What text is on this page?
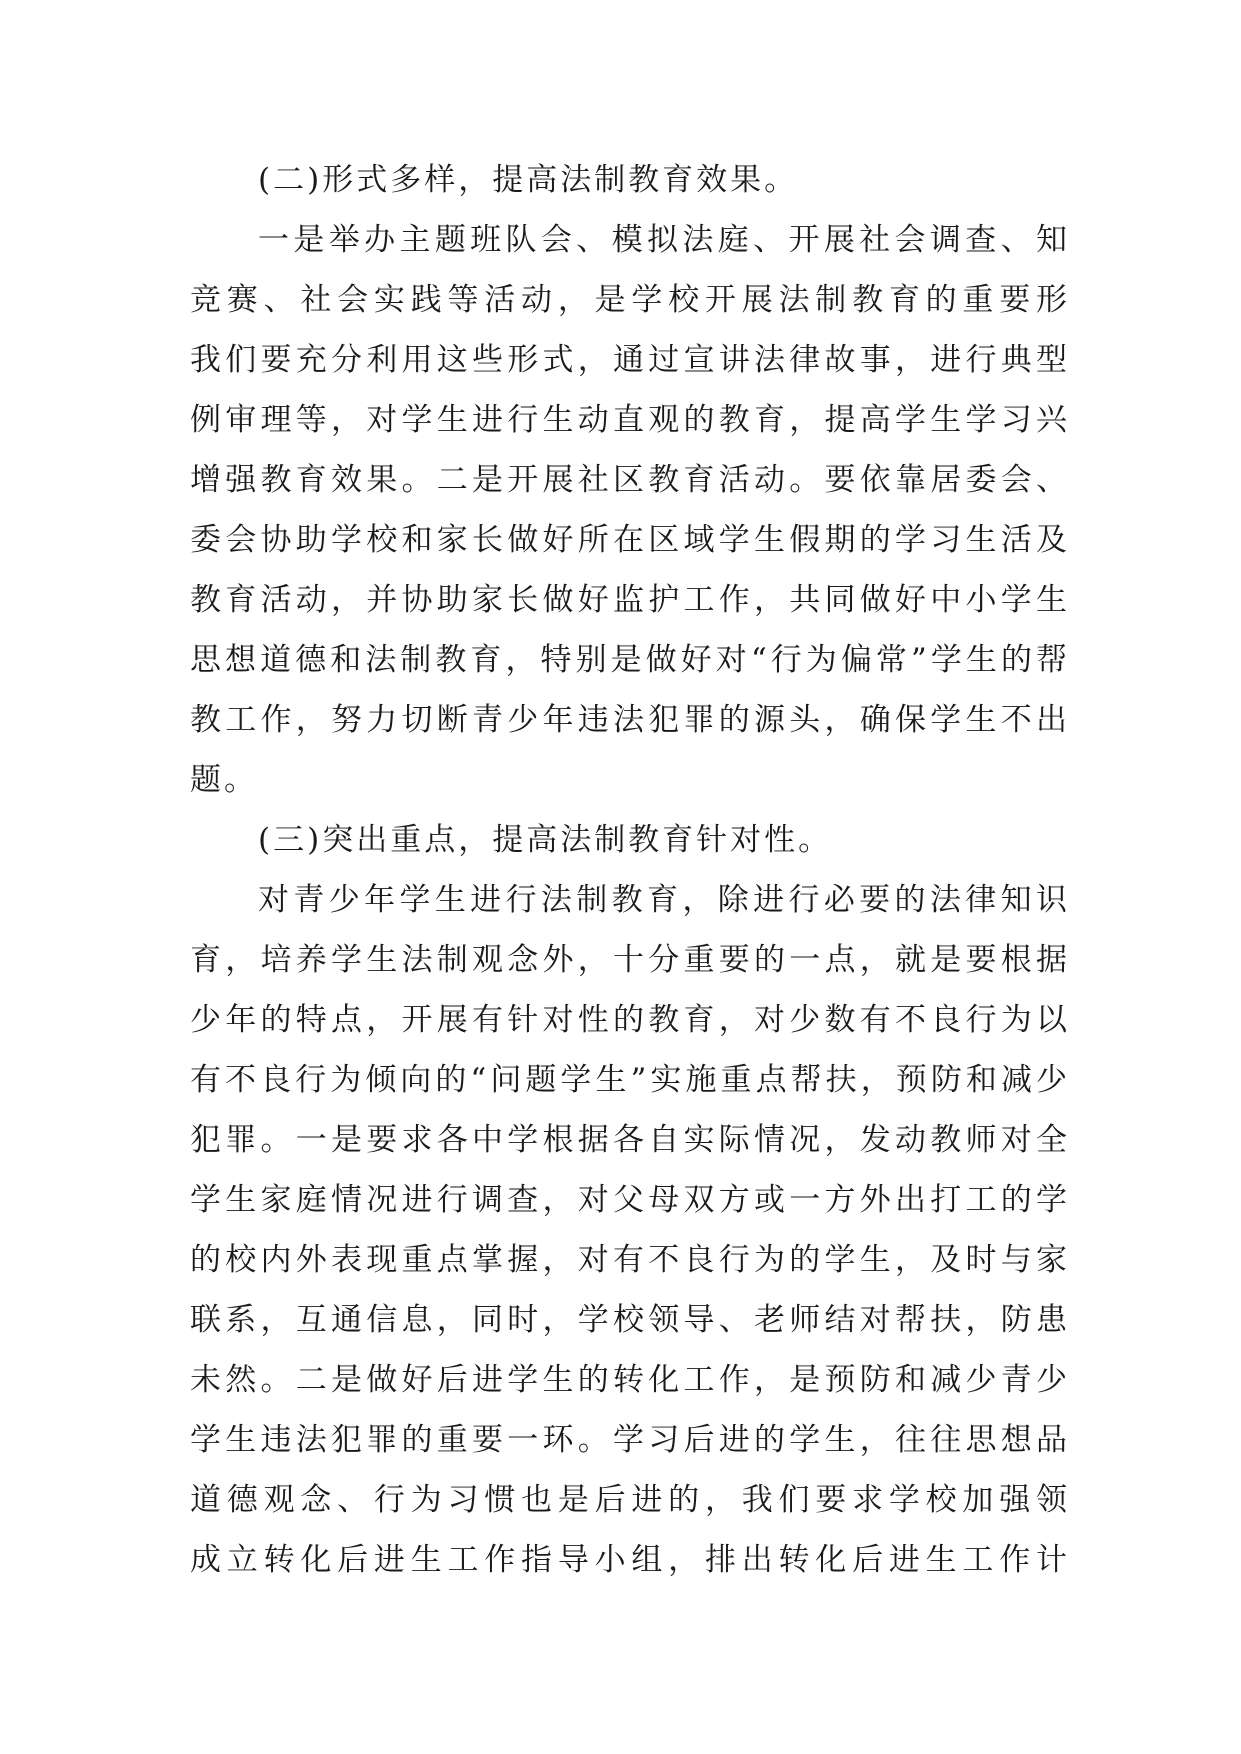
(二)形式多样，提高法制教育效果。
一是举办主题班队会、模拟法庭、开展社会调查、知
竞赛、社会实践等活动，是学校开展法制教育的重要形
我们要充分利用这些形式，通过宣讲法律故事，进行典型
例审理等，对学生进行生动直观的教育，提高学生学习兴
增强教育效果。二是开展社区教育活动。要依靠居委会、
委会协助学校和家长做好所在区域学生假期的学习生活及
教育活动，并协助家长做好监护工作，共同做好中小学生
思想道德和法制教育，特别是做好对“行为偏常”学生的帮
教工作，努力切断青少年违法犯罪的源头，确保学生不出
题。
(三)突出重点，提高法制教育针对性。
对青少年学生进行法制教育，除进行必要的法律知识
育，培养学生法制观念外，十分重要的一点，就是要根据
少年的特点，开展有针对性的教育，对少数有不良行为以
有不良行为倾向的“问题学生”实施重点帮扶，预防和减少
犯罪。一是要求各中学根据各自实际情况，发动教师对全
学生家庭情况进行调查，对父母双方或一方外出打工的学
的校内外表现重点掌握，对有不良行为的学生，及时与家
联系，互通信息，同时，学校领导、老师结对帮扶，防患
未然。二是做好后进学生的转化工作，是预防和减少青少
学生违法犯罪的重要一环。学习后进的学生，往往思想品
道德观念、行为习惯也是后进的，我们要求学校加强领
成立转化后进生工作指导小组，排出转化后进生工作计
